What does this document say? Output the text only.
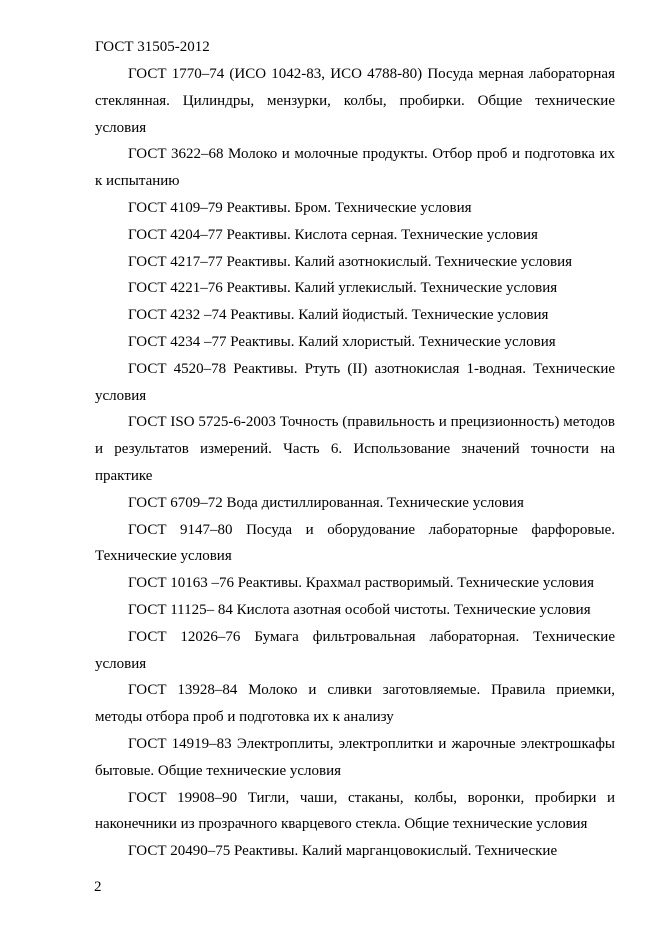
ГОСТ 31505-2012

ГОСТ 1770–74 (ИСО 1042-83, ИСО 4788-80) Посуда мерная лабораторная стеклянная. Цилиндры, мензурки, колбы, пробирки. Общие технические условия

ГОСТ 3622–68 Молоко и молочные продукты. Отбор проб и подготовка их к испытанию

ГОСТ 4109–79 Реактивы. Бром. Технические условия

ГОСТ 4204–77 Реактивы. Кислота серная. Технические условия

ГОСТ 4217–77 Реактивы. Калий азотнокислый. Технические условия

ГОСТ 4221–76 Реактивы. Калий углекислый. Технические условия

ГОСТ 4232 –74 Реактивы. Калий йодистый. Технические условия

ГОСТ 4234 –77 Реактивы. Калий хлористый. Технические условия

ГОСТ 4520–78 Реактивы. Ртуть (II) азотнокислая 1-водная. Технические условия

ГОСТ ISO 5725-6-2003 Точность (правильность и прецизионность) методов и результатов измерений. Часть 6. Использование значений точности на практике

ГОСТ 6709–72 Вода дистиллированная. Технические условия

ГОСТ 9147–80 Посуда и оборудование лабораторные фарфоровые. Технические условия

ГОСТ 10163 –76 Реактивы. Крахмал растворимый. Технические условия

ГОСТ 11125– 84 Кислота азотная особой чистоты. Технические условия

ГОСТ 12026–76 Бумага фильтровальная лабораторная. Технические условия

ГОСТ 13928–84 Молоко и сливки заготовляемые. Правила приемки, методы отбора проб и подготовка их к анализу

ГОСТ 14919–83 Электроплиты, электроплитки и жарочные электрошкафы бытовые. Общие технические условия

ГОСТ 19908–90 Тигли, чаши, стаканы, колбы, воронки, пробирки и наконечники из прозрачного кварцевого стекла. Общие технические условия

ГОСТ 20490–75 Реактивы. Калий марганцовокислый. Технические

2
